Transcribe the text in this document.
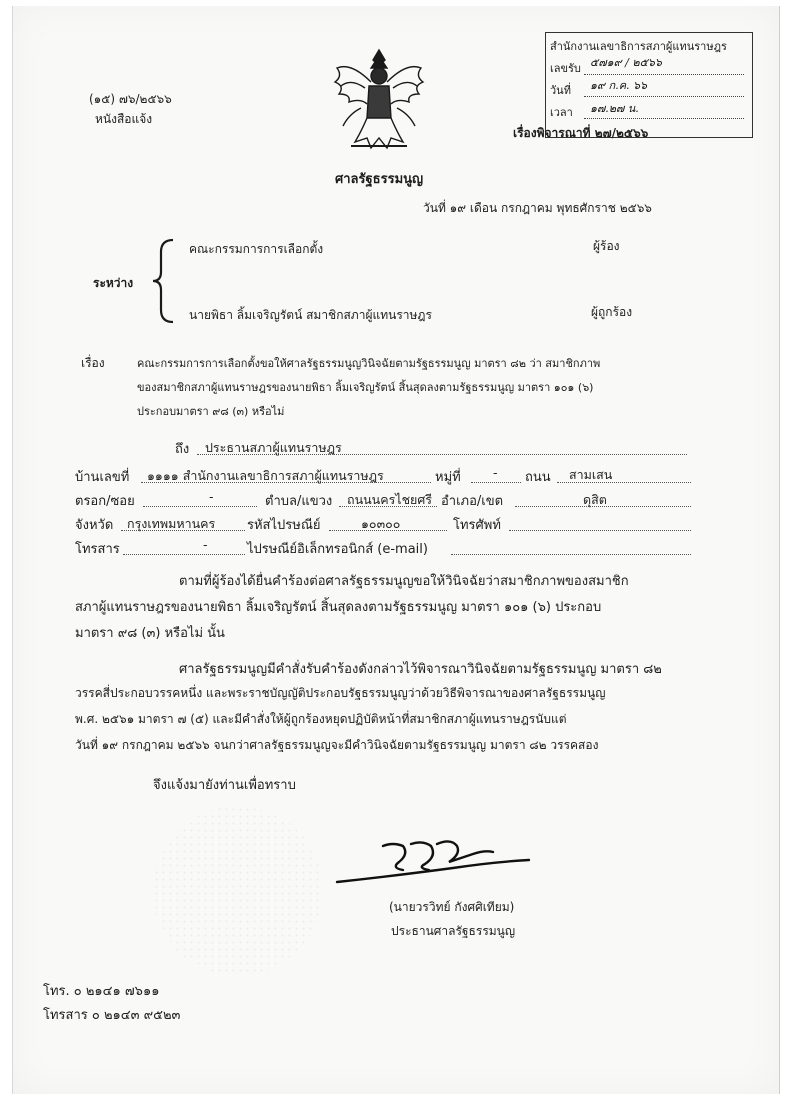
(๑๕) ๗๖/๒๕๖๖
หนังสือแจ้ง
สำนักงานเลขาธิการสภาผู้แทนราษฎร
เลขรับ ๕๗๑๙ / ๒๕๖๖
วันที่ ๑๙ ก.ค. ๖๖
เวลา ๑๗.๒๗ น.
เรื่องพิจารณาที่ ๒๗/๒๕๖๖
ศาลรัฐธรรมนูญ
วันที่ ๑๙ เดือน กรกฎาคม พุทธศักราช ๒๕๖๖
ระหว่าง
คณะกรรมการการเลือกตั้ง	ผู้ร้อง
นายพิธา ลิ้มเจริญรัตน์ สมาชิกสภาผู้แทนราษฎร	ผู้ถูกร้อง
เรื่อง	คณะกรรมการการเลือกตั้งขอให้ศาลรัฐธรรมนูญวินิจฉัยตามรัฐธรรมนูญ มาตรา ๘๒ ว่า สมาชิกภาพ
ของสมาชิกสภาผู้แทนราษฎรของนายพิธา ลิ้มเจริญรัตน์ สิ้นสุดลงตามรัฐธรรมนูญ มาตรา ๑๐๑ (๖)
ประกอบมาตรา ๙๘ (๓) หรือไม่
ถึง ประธานสภาผู้แทนราษฎร
บ้านเลขที่ ๑๑๑๑ สำนักงานเลขาธิการสภาผู้แทนราษฎร	หมู่ที่	- ถนน สามเสน
ตรอก/ซอย	-	ตำบล/แขวง ถนนนครไชยศรี อำเภอ/เขต	ดุสิต
จังหวัด กรุงเทพมหานคร รหัสไปรษณีย์	๑๐๓๐๐	โทรศัพท์
โทรสาร	-	ไปรษณีย์อิเล็กทรอนิกส์ (e-mail)
ตามที่ผู้ร้องได้ยื่นคำร้องต่อศาลรัฐธรรมนูญขอให้วินิจฉัยว่าสมาชิกภาพของสมาชิก
สภาผู้แทนราษฎรของนายพิธา ลิ้มเจริญรัตน์ สิ้นสุดลงตามรัฐธรรมนูญ มาตรา ๑๐๑ (๖) ประกอบ
มาตรา ๙๘ (๓) หรือไม่ นั้น
ศาลรัฐธรรมนูญมีคำสั่งรับคำร้องดังกล่าวไว้พิจารณาวินิจฉัยตามรัฐธรรมนูญ มาตรา ๘๒
วรรคสี่ประกอบวรรคหนึ่ง และพระราชบัญญัติประกอบรัฐธรรมนูญว่าด้วยวิธีพิจารณาของศาลรัฐธรรมนูญ
พ.ศ. ๒๕๖๑ มาตรา ๗ (๕) และมีคำสั่งให้ผู้ถูกร้องหยุดปฏิบัติหน้าที่สมาชิกสภาผู้แทนราษฎรนับแต่
วันที่ ๑๙ กรกฎาคม ๒๕๖๖ จนกว่าศาลรัฐธรรมนูญจะมีคำวินิจฉัยตามรัฐธรรมนูญ มาตรา ๘๒ วรรคสอง
จึงแจ้งมายังท่านเพื่อทราบ
(นายวรวิทย์ กังศศิเทียม)
ประธานศาลรัฐธรรมนูญ
โทร. ๐ ๒๑๔๑ ๗๖๑๑
โทรสาร ๐ ๒๑๔๓ ๙๕๒๓
